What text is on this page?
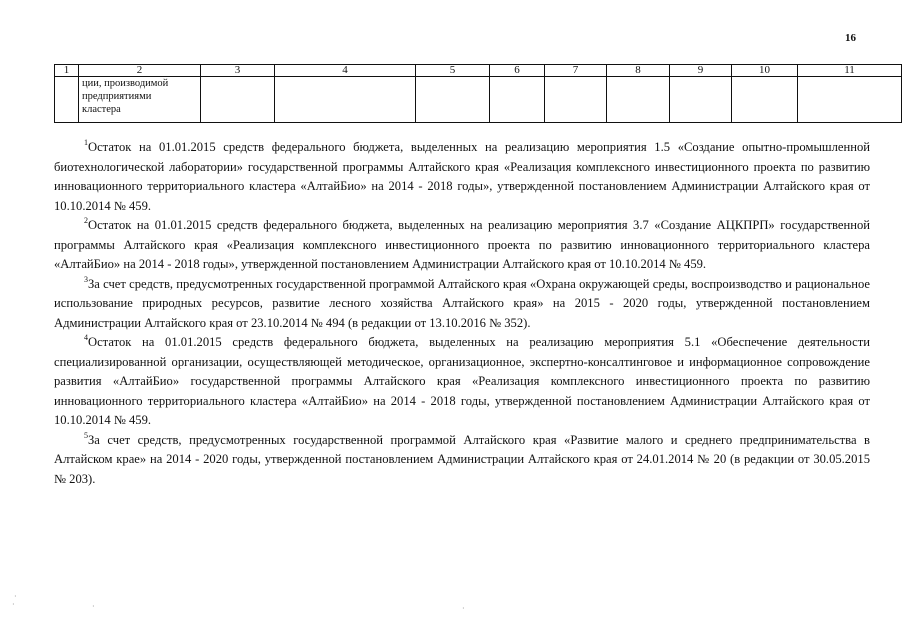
16
1	2	3	4	5	6	7	8	9	10	11
	ции, производимой
предприятиями
кластера									

$^1$Остаток на 01.01.2015 средств федерального бюджета, выделенных на реализацию мероприятия 1.5 «Создание опытно-промышленной биотехнологической лаборатории» государственной программы Алтайского края «Реализация комплексного инвестиционного проекта по развитию инновационного территориального кластера «АлтайБио» на 2014 - 2018 годы», утвержденной постановлением Администрации Алтайского края от 10.10.2014 № 459.

$^2$Остаток на 01.01.2015 средств федерального бюджета, выделенных на реализацию мероприятия 3.7 «Создание АЦКПРП» государственной программы Алтайского края «Реализация комплексного инвестиционного проекта по развитию инновационного территориального кластера «АлтайБио» на 2014 - 2018 годы», утвержденной постановлением Администрации Алтайского края от 10.10.2014 № 459.

$^3$За счет средств, предусмотренных государственной программой Алтайского края «Охрана окружающей среды, воспроизводство и рациональное использование природных ресурсов, развитие лесного хозяйства Алтайского края» на 2015 - 2020 годы, утвержденной постановлением Администрации Алтайского края от 23.10.2014 № 494 (в редакции от 13.10.2016 № 352).

$^4$Остаток на 01.01.2015 средств федерального бюджета, выделенных на реализацию мероприятия 5.1 «Обеспечение деятельности специализированной организации, осуществляющей методическое, организационное, экспертно-консалтинговое и информационное сопровождение развития «АлтайБио» государственной программы Алтайского края «Реализация комплексного инвестиционного проекта по развитию инновационного территориального кластера «АлтайБио» на 2014 - 2018 годы, утвержденной постановлением Администрации Алтайского края от 10.10.2014 № 459.

$^5$За счет средств, предусмотренных государственной программой Алтайского края «Развитие малого и среднего предпринимательства в Алтайском крае» на 2014 - 2020 годы, утвержденной постановлением Администрации Алтайского края от 24.01.2014 № 20 (в редакции от 30.05.2015 № 203).

·
·	·	·
